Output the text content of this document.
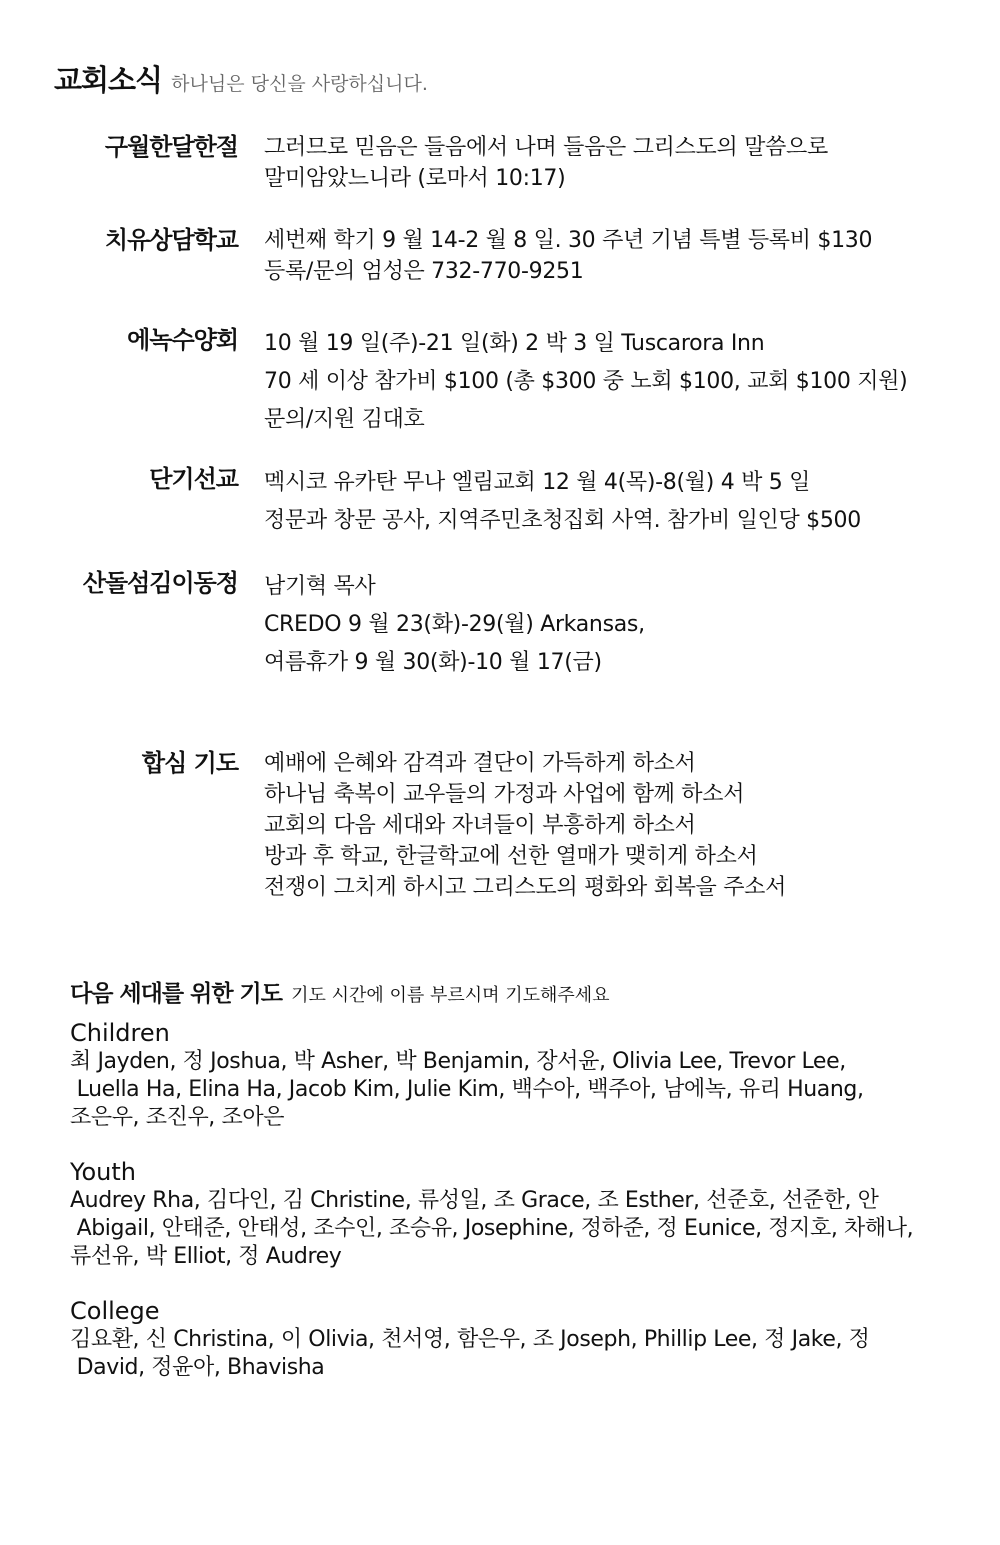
교회소식 하나님은 당신을 사랑하십니다.
구월한달한절 그러므로 믿음은 들음에서 나며 들음은 그리스도의 말씀으로
말미암았느니라 (로마서 10:17)
치유상담학교 세번째 학기 9 월 14-2 월 8 일. 30 주년 기념 특별 등록비 $130
등록/문의 엄성은 732-770-9251
에녹수양회 10 월 19 일(주)-21 일(화) 2 박 3 일 Tuscarora Inn
70 세 이상 참가비 $100 (총 $300 중 노회 $100, 교회 $100 지원)
문의/지원 김대호
단기선교 멕시코 유카탄 무나 엘림교회 12 월 4(목)-8(월) 4 박 5 일
정문과 창문 공사, 지역주민초청집회 사역. 참가비 일인당 $500
산돌섬김이동정 남기혁 목사
CREDO 9 월 23(화)-29(월) Arkansas,
여름휴가 9 월 30(화)-10 월 17(금)
합심 기도 예배에 은혜와 감격과 결단이 가득하게 하소서
하나님 축복이 교우들의 가정과 사업에 함께 하소서
교회의 다음 세대와 자녀들이 부흥하게 하소서
방과 후 학교, 한글학교에 선한 열매가 맺히게 하소서
전쟁이 그치게 하시고 그리스도의 평화와 회복을 주소서
다음 세대를 위한 기도 기도 시간에 이름 부르시며 기도해주세요
Children
최 Jayden, 정 Joshua, 박 Asher, 박 Benjamin, 장서윤, Olivia Lee, Trevor Lee,
Luella Ha, Elina Ha, Jacob Kim, Julie Kim, 백수아, 백주아, 남에녹, 유리 Huang,
조은우, 조진우, 조아은
Youth
Audrey Rha, 김다인, 김 Christine, 류성일, 조 Grace, 조 Esther, 선준호, 선준한, 안
Abigail, 안태준, 안태성, 조수인, 조승유, Josephine, 정하준, 정 Eunice, 정지호, 차해나,
류선유, 박 Elliot, 정 Audrey
College
김요환, 신 Christina, 이 Olivia, 천서영, 함은우, 조 Joseph, Phillip Lee, 정 Jake, 정
David, 정윤아, Bhavisha
